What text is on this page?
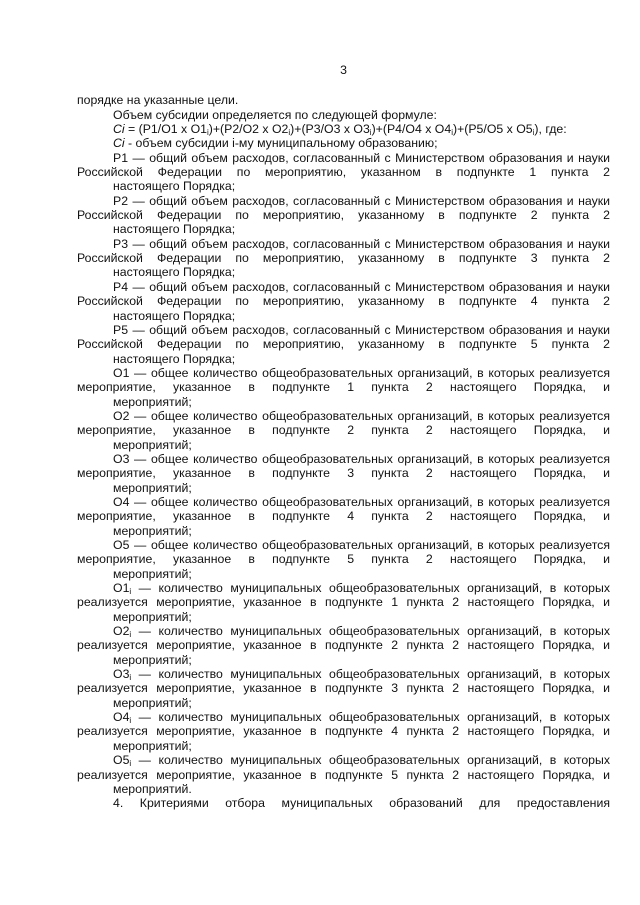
3

порядке на указанные цели.

Объем субсидии определяется по следующей формуле:

Ci = (P1/O1 x $O1_i)+(P2/O2$ x $O2_i)+(P3/O3$ x $O3_i)+(P4/O4$ x $O4_i)+(P5/O5$ x $O5_i$), где:

Ci - объем субсидии i-му муниципальному образованию;

P1 — общий объем расходов, согласованный с Министерством образования и науки Российской Федерации по мероприятию, указанном в подпункте 1 пункта 2
настоящего Порядка;

P2 — общий объем расходов, согласованный с Министерством образования и науки Российской Федерации по мероприятию, указанному в подпункте 2 пункта 2
настоящего Порядка;

P3 — общий объем расходов, согласованный с Министерством образования и науки Российской Федерации по мероприятию, указанному в подпункте 3 пункта 2
настоящего Порядка;

P4 — общий объем расходов, согласованный с Министерством образования и науки Российской Федерации по мероприятию, указанному в подпункте 4 пункта 2
настоящего Порядка;

P5 — общий объем расходов, согласованный с Министерством образования и науки Российской Федерации по мероприятию, указанному в подпункте 5 пункта 2
настоящего Порядка;

O1 — общее количество общеобразовательных организаций, в которых реализуется мероприятие, указанное в подпункте 1 пункта 2 настоящего Порядка, и
мероприятий;

O2 — общее количество общеобразовательных организаций, в которых реализуется мероприятие, указанное в подпункте 2 пункта 2 настоящего Порядка, и
мероприятий;

O3 — общее количество общеобразовательных организаций, в которых реализуется мероприятие, указанное в подпункте 3 пункта 2 настоящего Порядка, и
мероприятий;

O4 — общее количество общеобразовательных организаций, в которых реализуется мероприятие, указанное в подпункте 4 пункта 2 настоящего Порядка, и
мероприятий;

O5 — общее количество общеобразовательных организаций, в которых реализуется мероприятие, указанное в подпункте 5 пункта 2 настоящего Порядка, и
мероприятий;

$O1_i$ — количество муниципальных общеобразовательных организаций, в которых реализуется мероприятие, указанное в подпункте 1 пункта 2 настоящего Порядка, и
мероприятий;

$O2_i$ — количество муниципальных общеобразовательных организаций, в которых реализуется мероприятие, указанное в подпункте 2 пункта 2 настоящего Порядка, и
мероприятий;

$O3_i$ — количество муниципальных общеобразовательных организаций, в которых реализуется мероприятие, указанное в подпункте 3 пункта 2 настоящего Порядка, и
мероприятий;

$O4_i$ — количество муниципальных общеобразовательных организаций, в которых реализуется мероприятие, указанное в подпункте 4 пункта 2 настоящего Порядка, и
мероприятий;

$O5_i$ — количество муниципальных общеобразовательных организаций, в которых реализуется мероприятие, указанное в подпункте 5 пункта 2 настоящего Порядка, и
мероприятий.

4. Критериями отбора муниципальных образований для предоставления
